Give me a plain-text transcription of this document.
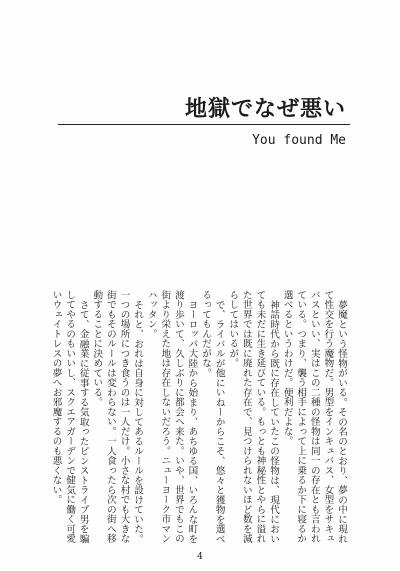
地獄でなぜ悪い
You found Me

夢魔という怪物がいる。その名のとおり、夢の中に現れて性交を行う魔物だ。男型をインキュバス、女型をサキュバスといい、実はこの二種の怪物は同一の存在とも言われている。つまり、襲う相手によって上に乗るか下に寝るか選べるというわけだ。便利だよな。

神話時代から既に存在していたこの怪物は、現代においても未だに生き延びている。もっとも神秘性とやらに溢れた世界では既に廃れた存在で、見つけられないほど数を減らしてはいるが。

で、ライバルが他にいねーからこそ、悠々と獲物を選べるってもんだがな。

ヨーロッパ大陸から始まり、あちゆる国、いろんな町を渡り歩いて、久しぶりに都会へ来た。いや、世界でもこの街より栄えた地は存在しないだろう。ニューヨーク市マンハッタン。

それと、おれは自身に対してあるルールを設けていた。一つの場所につき食うのは一人だけ。小さな村でも大きな街でもそのルールは変わらない。一人食ったら次の街へ移動することに決めている。

さて、金融業に従事する気取ったピンストライプ男を騙してやるのもいいし、スクエアガーデンで健気に働く可愛いウェイトレスの夢へお邪魔するのも悪くない。

4
